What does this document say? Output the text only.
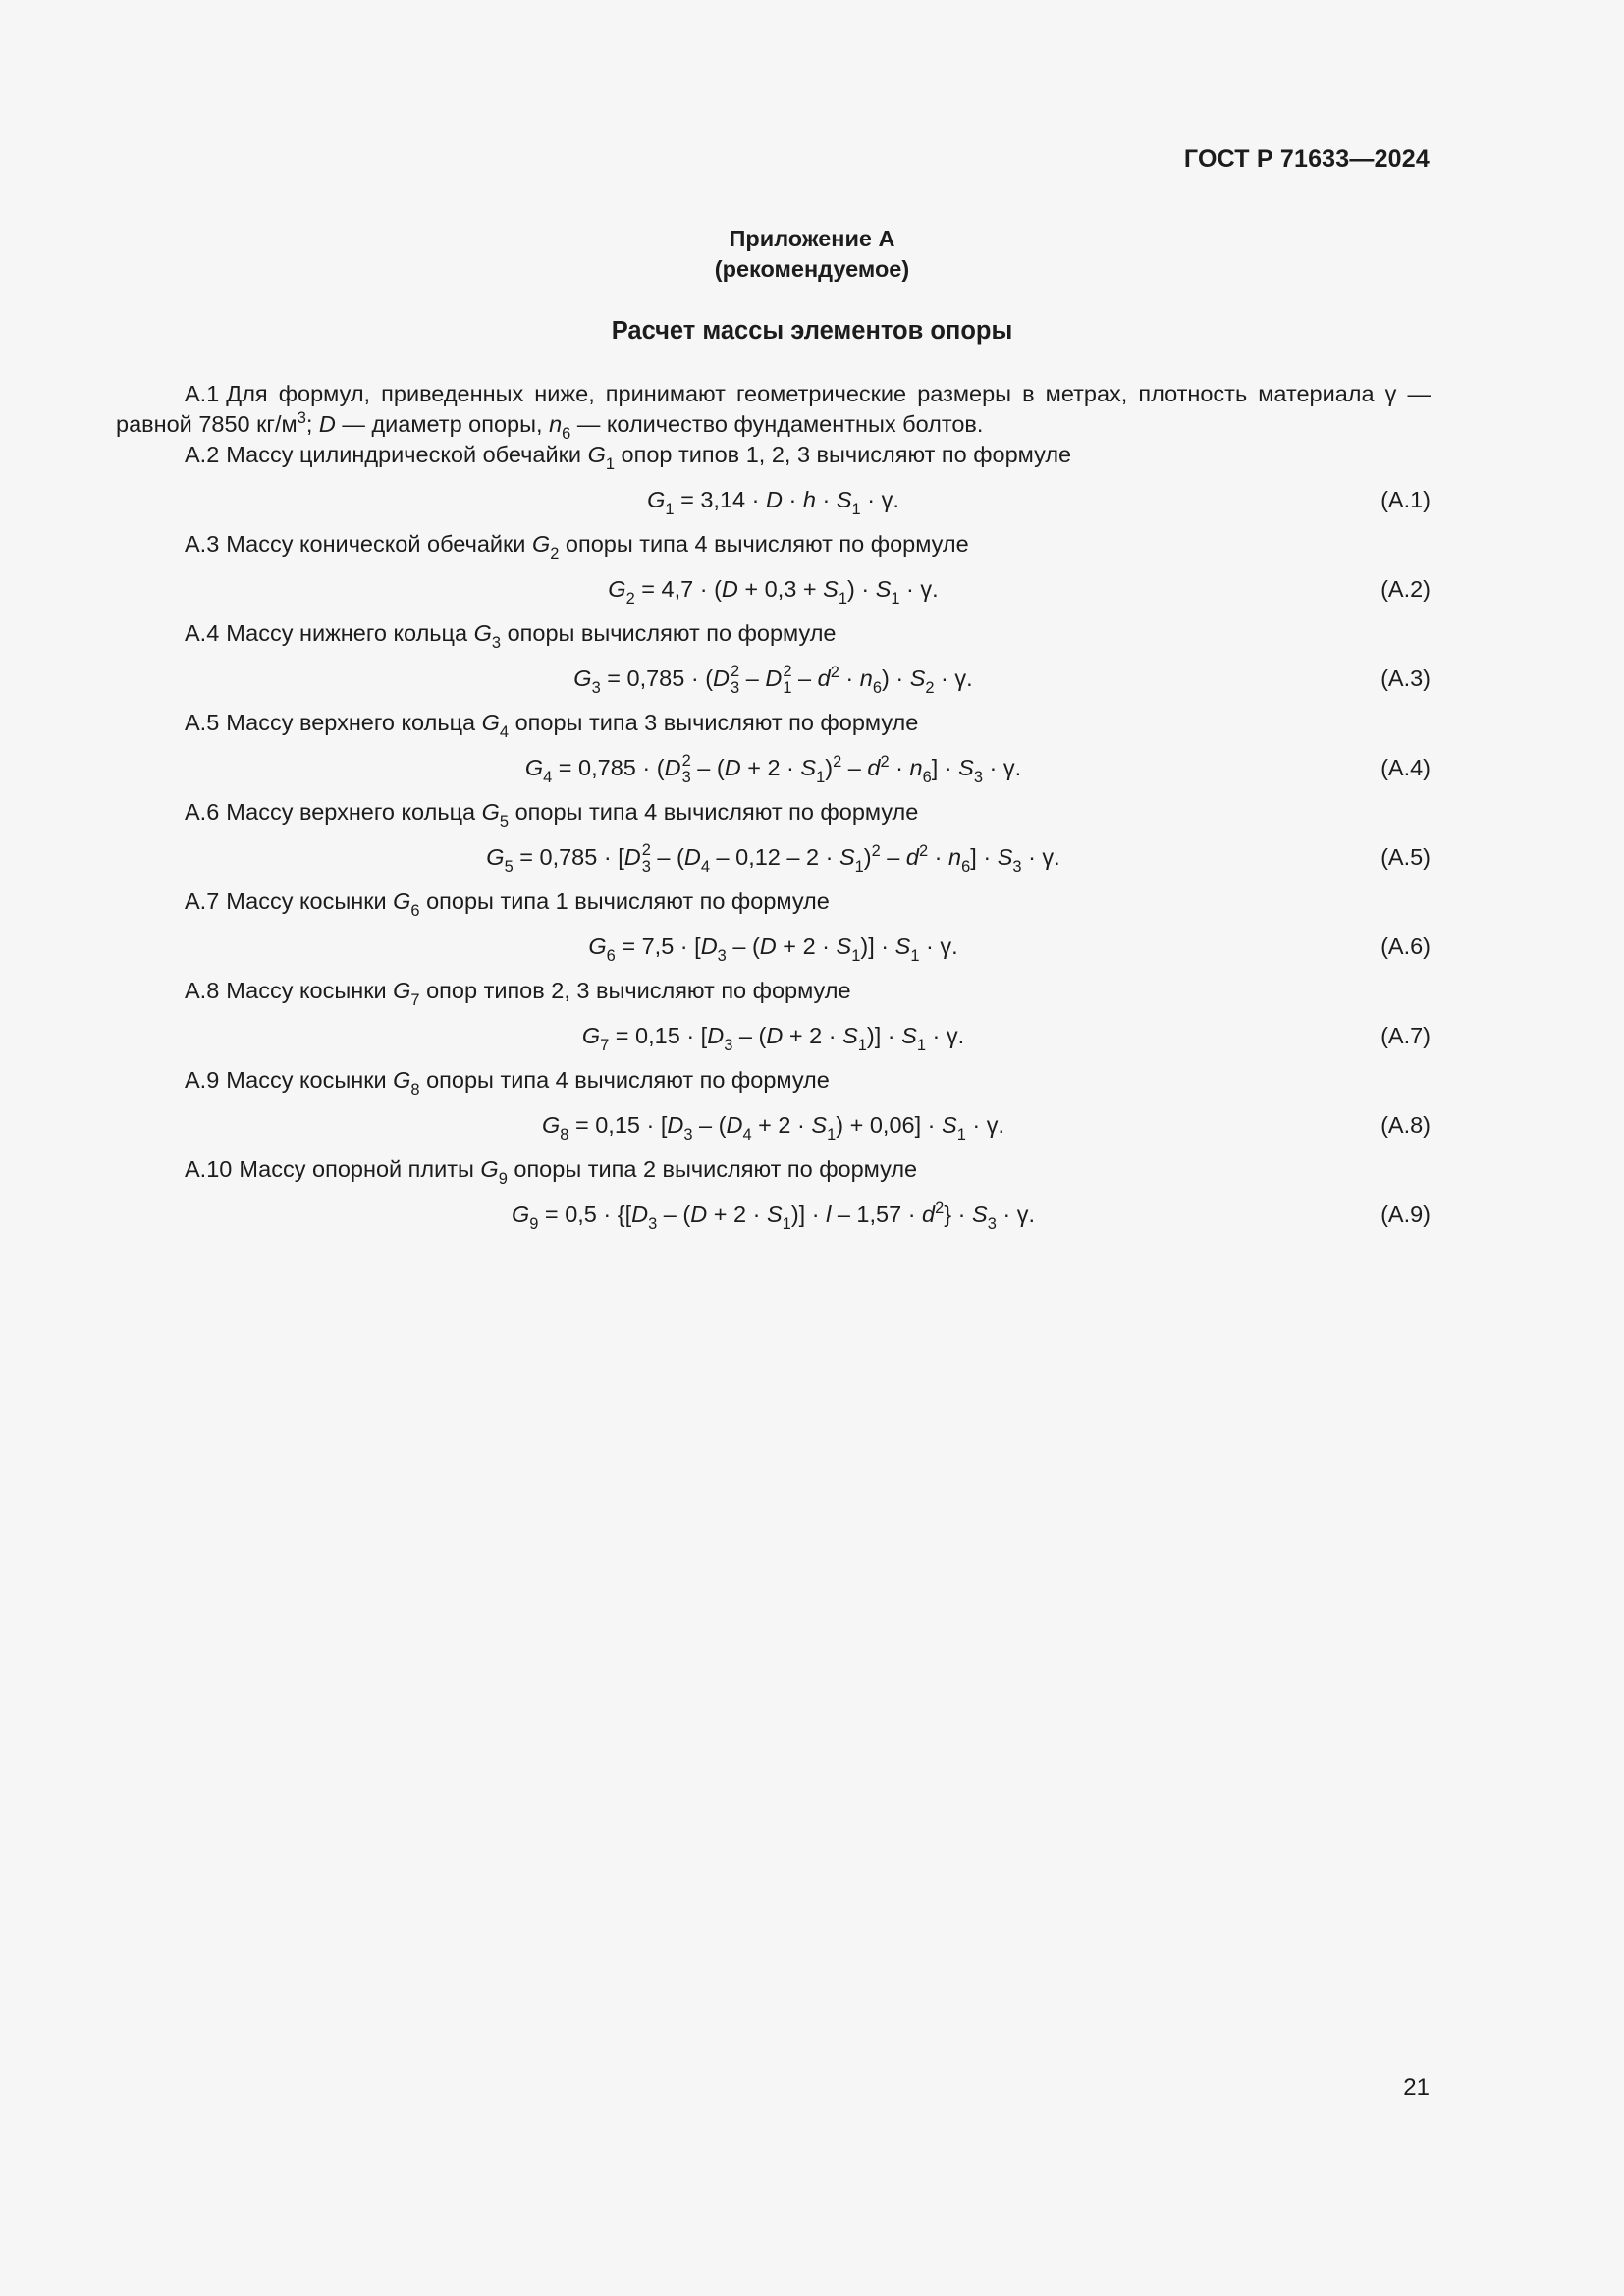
ГОСТ Р 71633—2024
Приложение А
(рекомендуемое)
Расчет массы элементов опоры

А.1 Для формул, приведенных ниже, принимают геометрические размеры в метрах, плотность материала γ — равной 7850 $кг/м^3$; D — диаметр опоры, $n_6$ — количество фундаментных болтов.

А.2 Массу цилиндрической обечайки $G_1$ опор типов 1, 2, 3 вычисляют по формуле

$G_1 = 3,14 \cdot D \cdot h \cdot S_1 \cdot \gamma$.	(А.1)

А.3 Массу конической обечайки $G_2$ опоры типа 4 вычисляют по формуле

$G_2 = 4,7 \cdot (D + 0,3 + S_1) \cdot S_1 \cdot \gamma$.	(А.2)

А.4 Массу нижнего кольца $G_3$ опоры вычисляют по формуле

$G_3 = 0,785 \cdot (D$ 2
3 – D 2
$1 - d^2 \cdot n_6) \cdot S_2 \cdot \gamma$.	(А.3)

А.5 Массу верхнего кольца $G_4$ опоры типа 3 вычисляют по формуле

$G_4 = 0,785 \cdot (D$ 2
$3 - (D + 2 \cdot S_1)^2 - d^2 \cdot n_6] \cdot S_3 \cdot \gamma$.	(А.4)

А.6 Массу верхнего кольца $G_5$ опоры типа 4 вычисляют по формуле

$G_5 = 0,785 \cdot [D$ 2
$3 - (D_4 - 0,12 - 2 \cdot S_1)^2 - d^2 \cdot n_6] \cdot S_3 \cdot \gamma$.	(А.5)

А.7 Массу косынки $G_6$ опоры типа 1 вычисляют по формуле

$G_6 = 7,5 \cdot [D_3 - (D + 2 \cdot S_1)] \cdot S_1 \cdot \gamma$.	(А.6)

А.8 Массу косынки $G_7$ опор типов 2, 3 вычисляют по формуле

$G_7 = 0,15 \cdot [D_3 - (D + 2 \cdot S_1)] \cdot S_1 \cdot \gamma$.	(А.7)

А.9 Массу косынки $G_8$ опоры типа 4 вычисляют по формуле

$G_8 = 0,15 \cdot [D_3 - (D_4 + 2 \cdot S_1) + 0,06] \cdot S_1 \cdot \gamma$.	(А.8)

А.10 Массу опорной плиты $G_9$ опоры типа 2 вычисляют по формуле

$G_9 = 0,5 \cdot \{[D_3 - (D + 2 \cdot S_1)] \cdot l - 1,57 \cdot d^2\} \cdot S_3 \cdot \gamma$.	(А.9)
21
